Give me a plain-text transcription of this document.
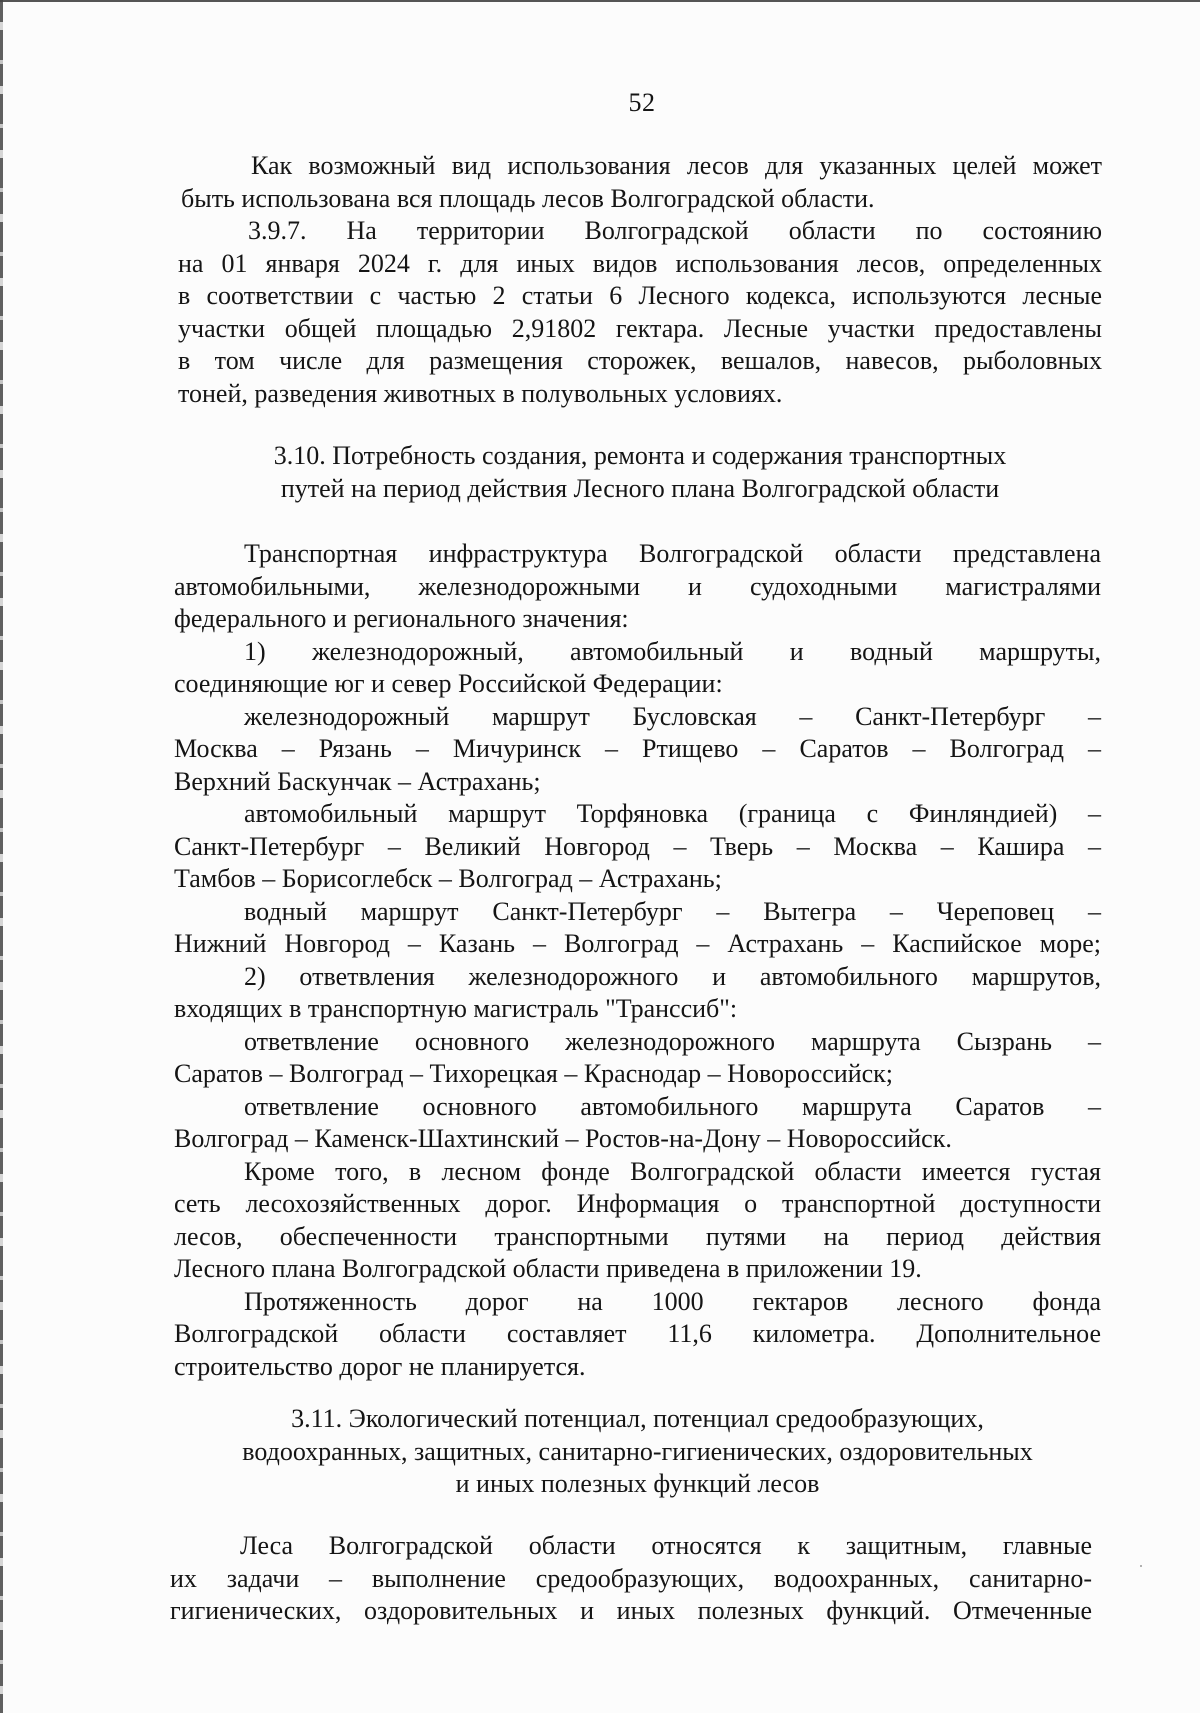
52
Как возможный вид использования лесов для указанных целей может
быть использована вся площадь лесов Волгоградской области.
3.9.7. На территории Волгоградской области по состоянию
на 01 января 2024 г. для иных видов использования лесов, определенных
в соответствии с частью 2 статьи 6 Лесного кодекса, используются лесные
участки общей площадью 2,91802 гектара. Лесные участки предоставлены
в том числе для размещения сторожек, вешалов, навесов, рыболовных
тоней, разведения животных в полувольных условиях.
3.10. Потребность создания, ремонта и содержания транспортных
путей на период действия Лесного плана Волгоградской области
Транспортная инфраструктура Волгоградской области представлена
автомобильными, железнодорожными и судоходными магистралями
федерального и регионального значения:
1) железнодорожный, автомобильный и водный маршруты,
соединяющие юг и север Российской Федерации:
железнодорожный маршрут Бусловская – Санкт-Петербург –
Москва – Рязань – Мичуринск – Ртищево – Саратов – Волгоград –
Верхний Баскунчак – Астрахань;
автомобильный маршрут Торфяновка (граница с Финляндией) –
Санкт-Петербург – Великий Новгород – Тверь – Москва – Кашира –
Тамбов – Борисоглебск – Волгоград – Астрахань;
водный маршрут Санкт-Петербург – Вытегра – Череповец –
Нижний Новгород – Казань – Волгоград – Астрахань – Каспийское море;
2) ответвления железнодорожного и автомобильного маршрутов,
входящих в транспортную магистраль "Транссиб":
ответвление основного железнодорожного маршрута Сызрань –
Саратов – Волгоград – Тихорецкая – Краснодар – Новороссийск;
ответвление основного автомобильного маршрута Саратов –
Волгоград – Каменск-Шахтинский – Ростов-на-Дону – Новороссийск.
Кроме того, в лесном фонде Волгоградской области имеется густая
сеть лесохозяйственных дорог. Информация о транспортной доступности
лесов, обеспеченности транспортными путями на период действия
Лесного плана Волгоградской области приведена в приложении 19.
Протяженность дорог на 1000 гектаров лесного фонда
Волгоградской области составляет 11,6 километра. Дополнительное
строительство дорог не планируется.
3.11. Экологический потенциал, потенциал средообразующих,
водоохранных, защитных, санитарно-гигиенических, оздоровительных
и иных полезных функций лесов
Леса Волгоградской области относятся к защитным, главные
их задачи – выполнение средообразующих, водоохранных, санитарно-
гигиенических, оздоровительных и иных полезных функций. Отмеченные
